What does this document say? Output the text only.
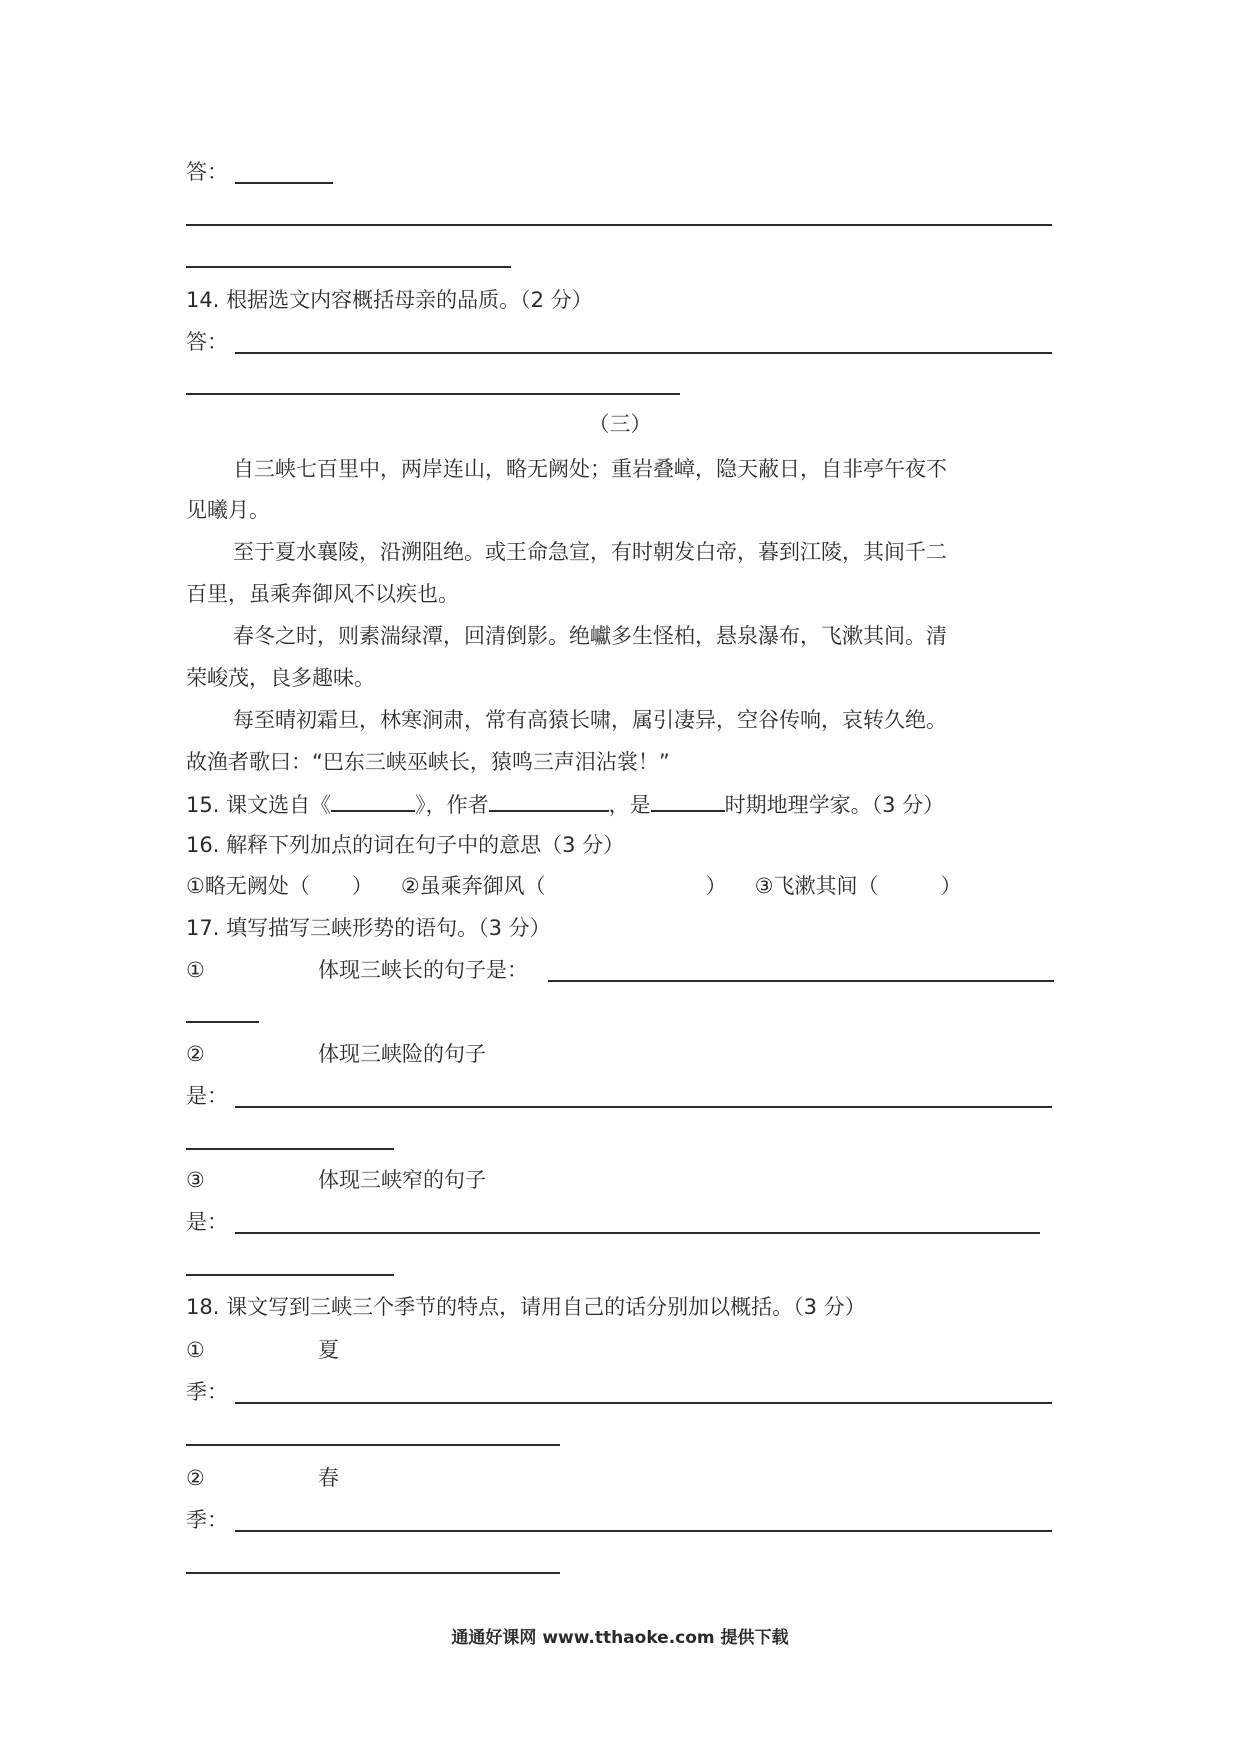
答：
14. 根据选文内容概括母亲的品质。（2 分）
答：
（三）
自三峡七百里中，两岸连山，略无阙处；重岩叠嶂，隐天蔽日，自非亭午夜不
见曦月。
至于夏水襄陵，沿溯阻绝。或王命急宣，有时朝发白帝，暮到江陵，其间千二
百里，虽乘奔御风不以疾也。
春冬之时，则素湍绿潭，回清倒影。绝巘多生怪柏，悬泉瀑布，飞漱其间。清
荣峻茂，良多趣味。
每至晴初霜旦，林寒涧肃，常有高猿长啸，属引凄异，空谷传响，哀转久绝。
故渔者歌曰：“巴东三峡巫峡长，猿鸣三声泪沾裳！”
15. 课文选自《	》，作者	，是	时期地理学家。（3 分）
16. 解释下列加点的词在句子中的意思（3 分）
①略无阙处（　　） ②虽乘奔御风（	） ③飞漱其间（	）
17. 填写描写三峡形势的语句。（3 分）
①	体现三峡长的句子是：
②	体现三峡险的句子
是：
③	体现三峡窄的句子
是：
18. 课文写到三峡三个季节的特点，请用自己的话分别加以概括。（3 分）
①	夏
季：
②	春
季：
通通好课网 www.tthaoke.com 提供下载
